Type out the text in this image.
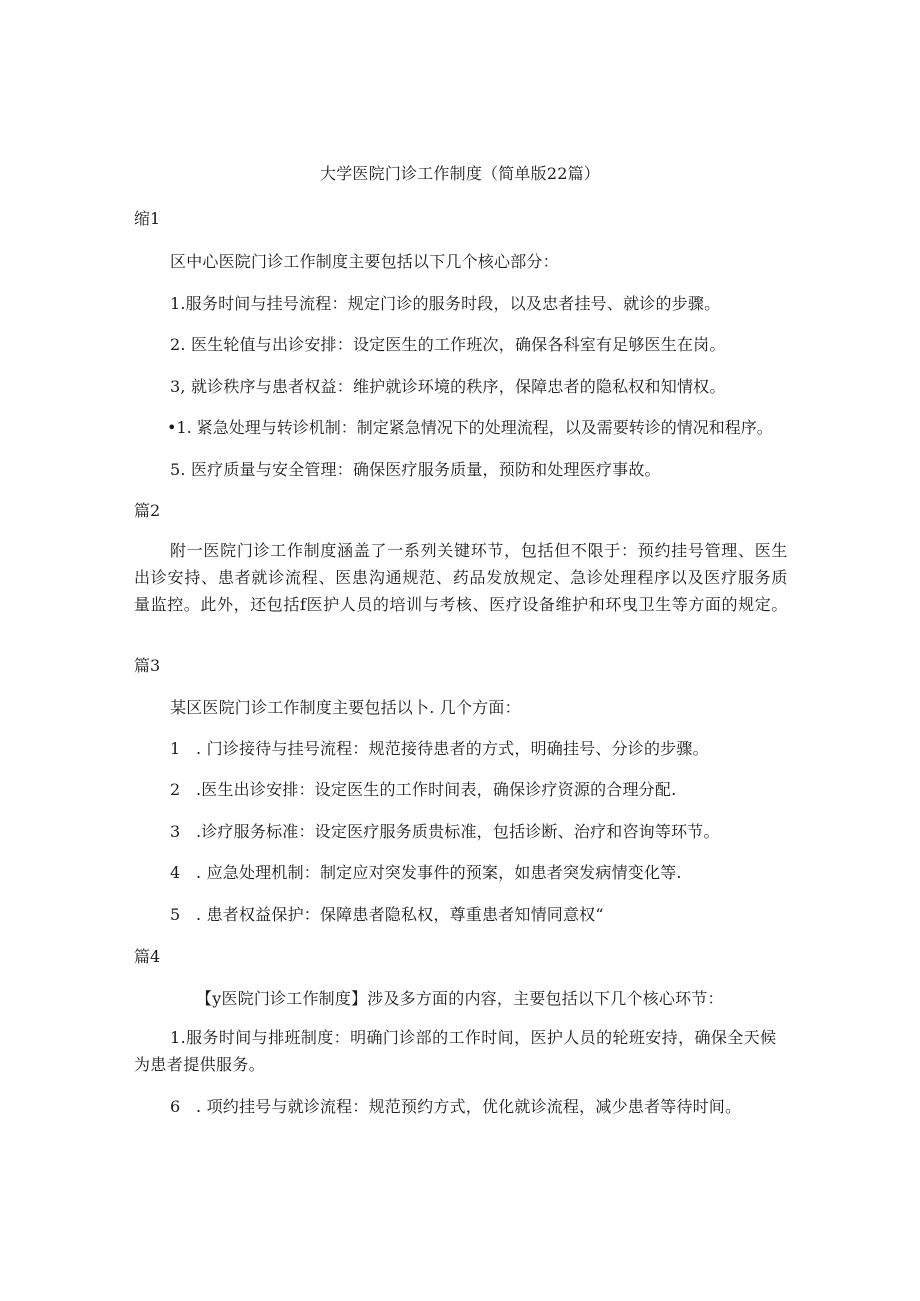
大学医院门诊工作制度（简单版22篇）
缩1
区中心医院门诊工作制度主要包括以下几个核心部分：
1.服务时间与挂号流程：规定门诊的服务时段，以及忠者挂号、就诊的步骤。
2. 医生轮值与出诊安排：设定医生的工作班次，确保各科室有足够医生在岗。
3, 就诊秩序与患者权益：维护就诊环境的秩序，保障忠者的隐私权和知情权。
•1. 紧急处理与转诊机制：制定紧急情况下的处理流程，以及需要转诊的情况和程序。
5. 医疗质量与安全管理：确保医疗服务质量，预防和处理医疗事故。
篇2
附一医院门诊工作制度涵盖了一系列关键环节，包括但不限于：预约挂号管理、医生出诊安持、患者就诊流程、医患沟通规范、药品发放规定、急诊处理程序以及医疗服务质量监控。此外，还包括f医护人员的培训与考核、医疗设备维护和环曳卫生等方面的规定。
篇3
某区医院门诊工作制度主要包括以卜. 几个方面：
1 . 门诊接待与挂号流程：规范接待患者的方式，明确挂号、分诊的步骤。
2 .医生出诊安排：设定医生的工作时间表，确保诊疗资源的合理分配.
3 .诊疗服务标准：设定医疗服务质贵标准，包括诊断、治疗和咨询等环节。
4 . 应急处理机制：制定应对突发事件的预案，如患者突发病情变化等.
5 . 患者权益保护：保障患者隐私权，尊重患者知情同意权“
篇4
【y医院门诊工作制度】涉及多方面的内容，主要包括以下几个核心环节：
1.服务时间与排班制度：明确门诊部的工作时间，医护人员的轮班安持，确保全天候为患者提供服务。
6 . 项约挂号与就诊流程：规范预约方式，优化就诊流程，减少患者等待时间。
